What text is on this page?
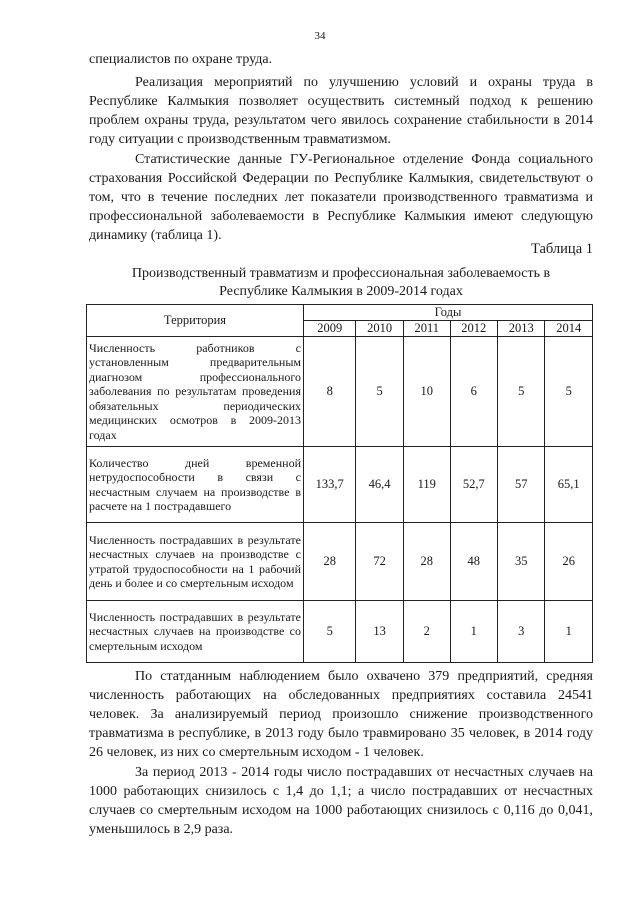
34

специалистов по охране труда.

Реализация мероприятий по улучшению условий и охраны труда в Республике Калмыкия позволяет осуществить системный подход к решению проблем охраны труда, результатом чего явилось сохранение стабильности в 2014 году ситуации с производственным травматизмом.

Статистические данные ГУ-Региональное отделение Фонда социального страхования Российской Федерации по Республике Калмыкия, свидетельствуют о том, что в течение последних лет показатели производственного травматизма и профессиональной заболеваемости в Республике Калмыкия имеют следующую динамику (таблица 1).

Таблица 1
Производственный травматизм и профессиональная заболеваемость в
Республике Калмыкия в 2009-2014 годах
Территория	Годы					
	2009	2010	2011	2012	2013	2014
Численность работников с установленным предварительным диагнозом профессионального заболевания по результатам проведения обязательных периодических медицинских осмотров в 2009-2013 годах	8	5	10	6	5	5
Количество дней временной нетрудоспособности в связи с несчастным случаем на производстве в расчете на 1 пострадавшего	133,7	46,4	119	52,7	57	65,1
Численность пострадавших в результате несчастных случаев на производстве с утратой трудоспособности на 1 рабочий день и более и со смертельным исходом	28	72	28	48	35	26
Численность пострадавших в результате несчастных случаев на производстве со смертельным исходом	5	13	2	1	3	1

По статданным наблюдением было охвачено 379 предприятий, средняя численность работающих на обследованных предприятиях составила 24541 человек. За анализируемый период произошло снижение производственного травматизма в республике, в 2013 году было травмировано 35 человек, в 2014 году 26 человек, из них со смертельным исходом - 1 человек.

За период 2013 - 2014 годы число пострадавших от несчастных случаев на 1000 работающих снизилось с 1,4 до 1,1; а число пострадавших от несчастных случаев со смертельным исходом на 1000 работающих снизилось с 0,116 до 0,041, уменьшилось в 2,9 раза.
